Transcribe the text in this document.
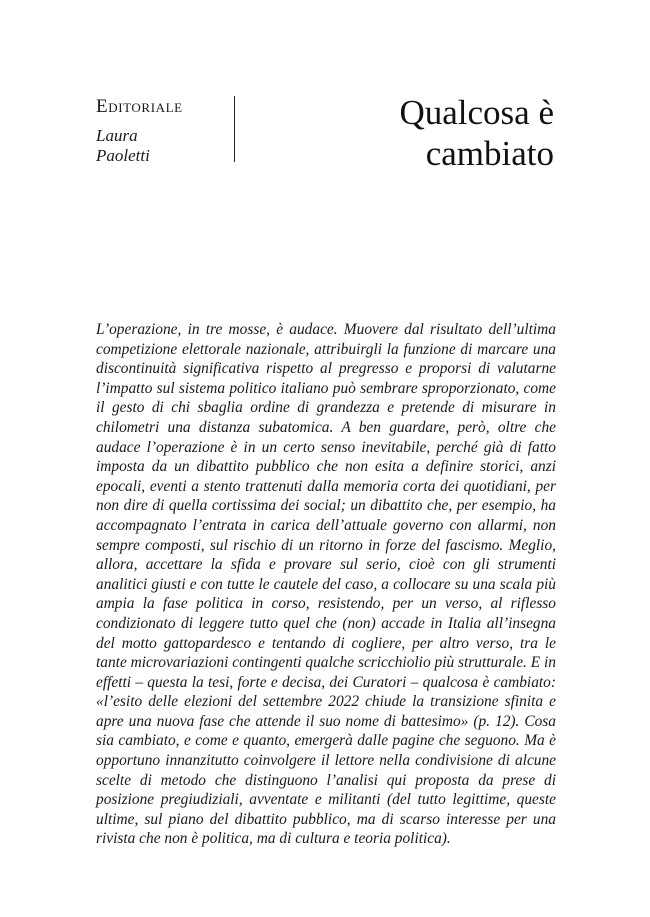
Editoriale

Laura

Paoletti

Qualcosa è
cambiato

L’operazione, in tre mosse, è audace. Muovere dal risultato dell’ultima competizione elettorale nazionale, attribuirgli la funzione di marcare una discontinuità significativa rispetto al pregresso e proporsi di valutarne l’impatto sul sistema politico italiano può sembrare sproporzionato, come il gesto di chi sbaglia ordine di grandezza e pretende di misurare in chilometri una distanza subatomica. A ben guardare, però, oltre che audace l’operazione è in un certo senso inevitabile, perché già di fatto imposta da un dibattito pubblico che non esita a definire storici, anzi epocali, eventi a stento trattenuti dalla memoria corta dei quotidiani, per non dire di quella cortissima dei social; un dibattito che, per esempio, ha accompagnato l’entrata in carica dell’attuale governo con allarmi, non sempre composti, sul rischio di un ritorno in forze del fascismo. Meglio, allora, accettare la sfida e provare sul serio, cioè con gli strumenti analitici giusti e con tutte le cautele del caso, a collocare su una scala più ampia la fase politica in corso, resistendo, per un verso, al riflesso condizionato di leggere tutto quel che (non) accade in Italia all’insegna del motto gattopardesco e tentando di cogliere, per altro verso, tra le tante microvariazioni contingenti qualche scricchiolio più strutturale. E in effetti – questa la tesi, forte e decisa, dei Curatori – qualcosa è cambiato: «l’esito delle elezioni del settembre 2022 chiude la transizione sfinita e apre una nuova fase che attende il suo nome di battesimo» (p. 12). Cosa sia cambiato, e come e quanto, emergerà dalle pagine che seguono. Ma è opportuno innanzitutto coinvolgere il lettore nella condivisione di alcune scelte di metodo che distinguono l’analisi qui proposta da prese di posizione pregiudiziali, avventate e militanti (del tutto legittime, queste ultime, sul piano del dibattito pubblico, ma di scarso interesse per una rivista che non è politica, ma di cultura e teoria politica).
